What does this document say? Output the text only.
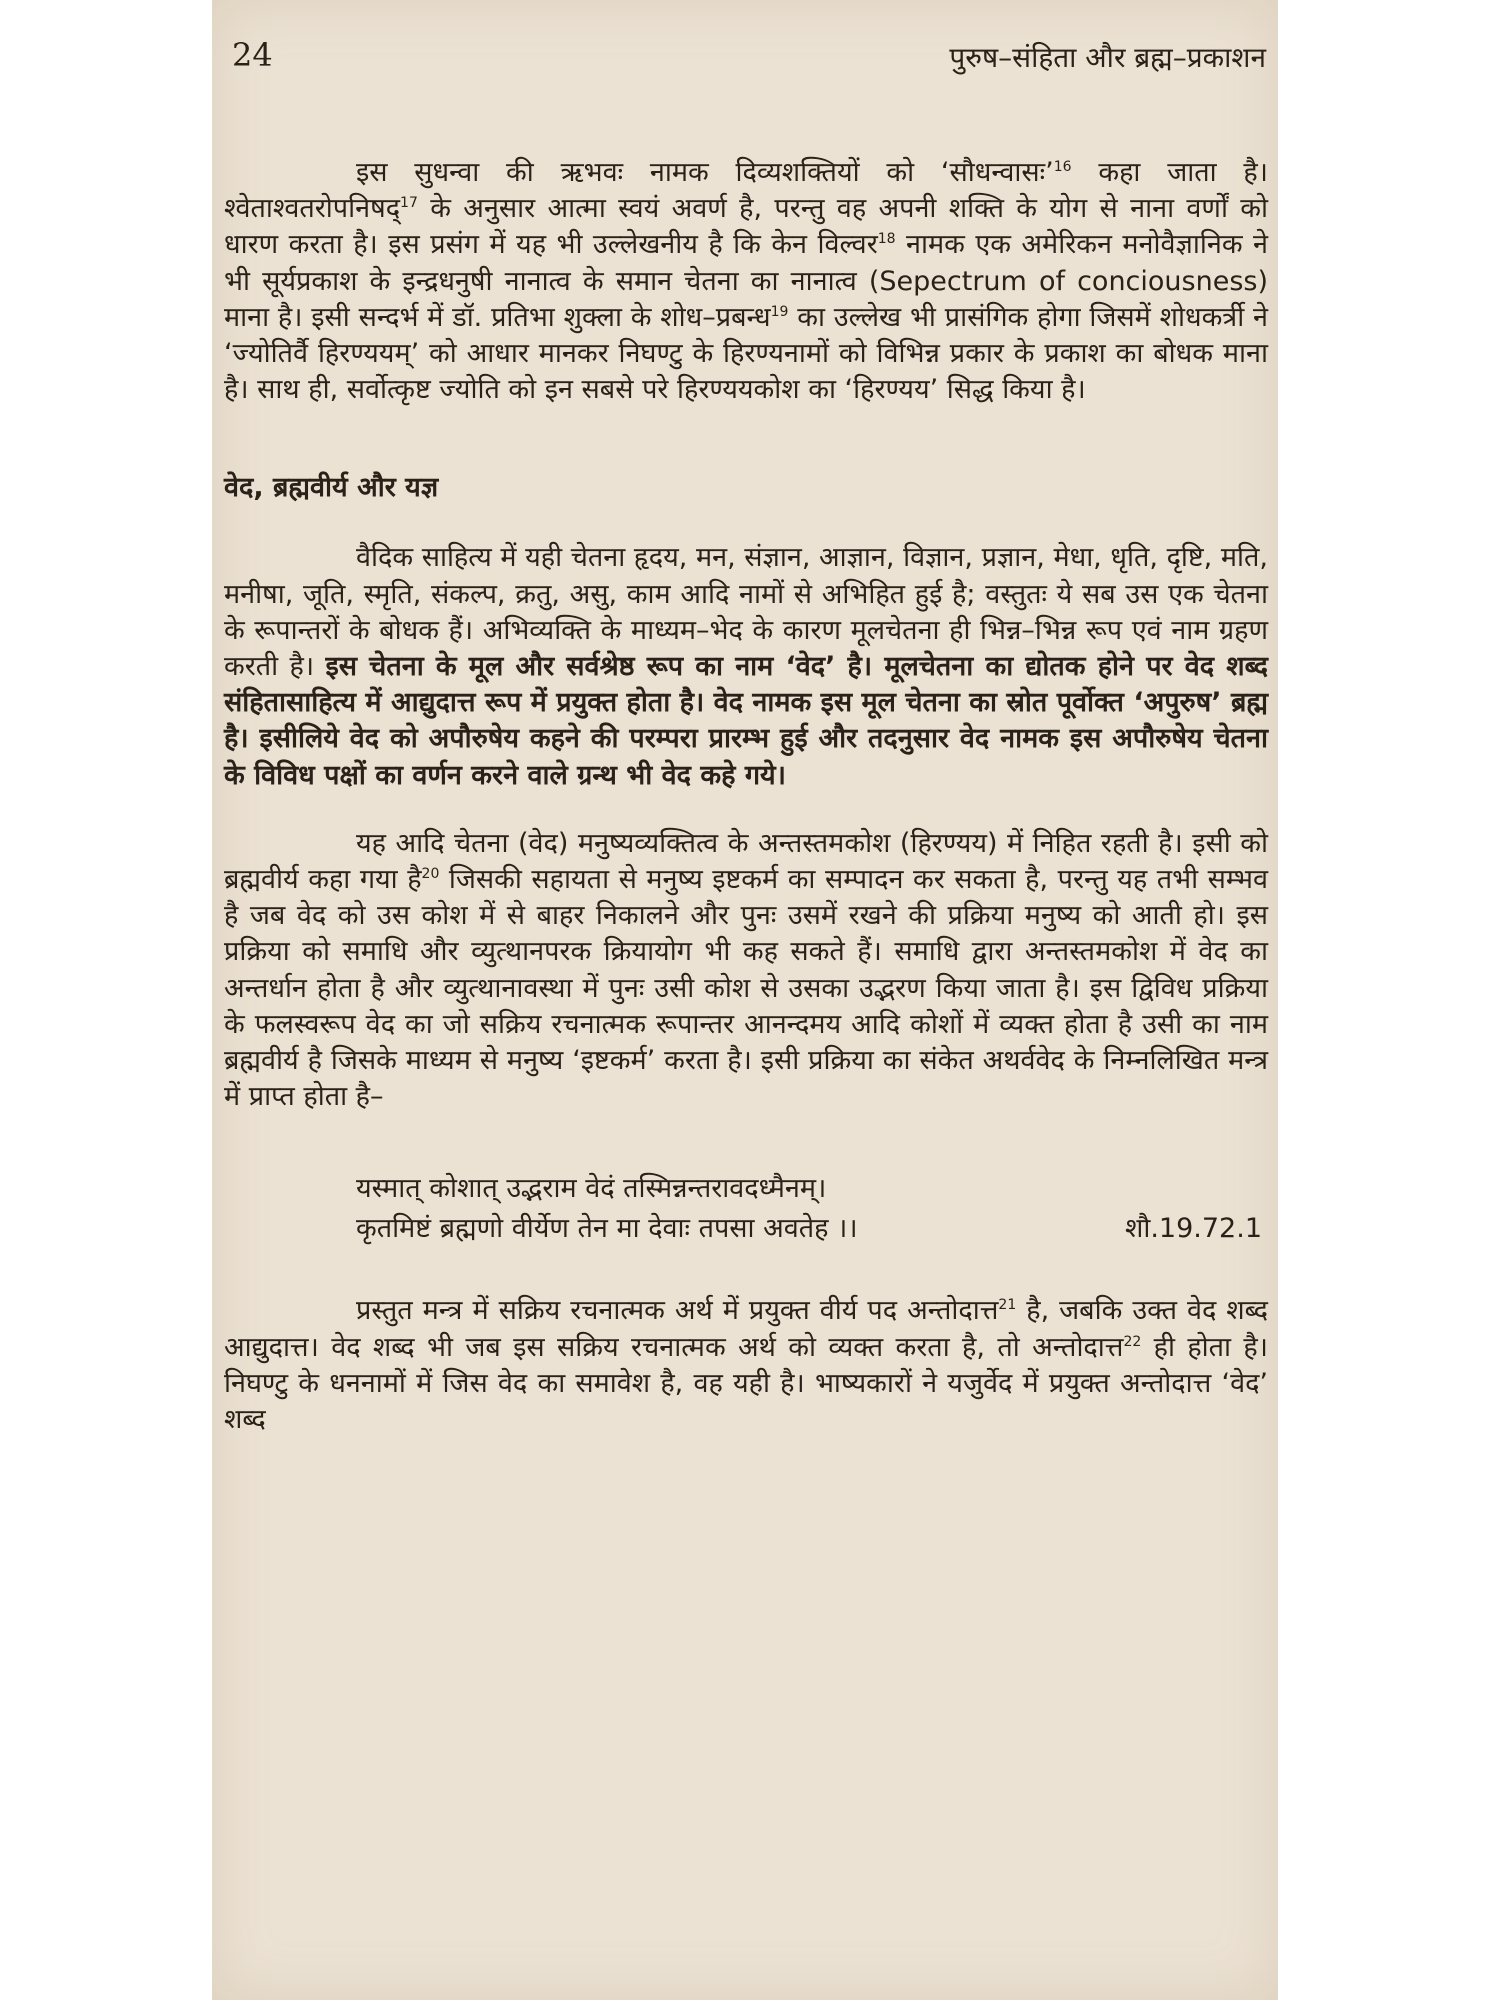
24	पुरुष–संहिता और ब्रह्म–प्रकाशन

इस सुधन्वा की ऋभवः नामक दिव्यशक्तियों को ‘सौधन्वासः’$^{16}$ कहा जाता है। श्वेताश्वतरोपनिषद्$^{17}$ के अनुसार आत्मा स्वयं अवर्ण है, परन्तु वह अपनी शक्ति के योग से नाना वर्णों को धारण करता है। इस प्रसंग में यह भी उल्लेखनीय है कि केन विल्वर$^{18}$ नामक एक अमेरिकन मनोवैज्ञानिक ने भी सूर्यप्रकाश के इन्द्रधनुषी नानात्व के समान चेतना का नानात्व (Sepectrum of conciousness) माना है। इसी सन्दर्भ में डॉ. प्रतिभा शुक्ला के शोध–प्रबन्ध$^{19}$ का उल्लेख भी प्रासंगिक होगा जिसमें शोधकर्त्री ने ‘ज्योतिर्वै हिरण्ययम्’ को आधार मानकर निघण्टु के हिरण्यनामों को विभिन्न प्रकार के प्रकाश का बोधक माना है। साथ ही, सर्वोत्कृष्ट ज्योति को इन सबसे परे हिरण्ययकोश का ‘हिरण्यय’ सिद्ध किया है।

वेद, ब्रह्मवीर्य और यज्ञ

वैदिक साहित्य में यही चेतना हृदय, मन, संज्ञान, आज्ञान, विज्ञान, प्रज्ञान, मेधा, धृति, दृष्टि, मति, मनीषा, जूति, स्मृति, संकल्प, क्रतु, असु, काम आदि नामों से अभिहित हुई है; वस्तुतः ये सब उस एक चेतना के रूपान्तरों के बोधक हैं। अभिव्यक्ति के माध्यम–भेद के कारण मूलचेतना ही भिन्न–भिन्न रूप एवं नाम ग्रहण करती है। इस चेतना के मूल और सर्वश्रेष्ठ रूप का नाम ‘वेद’ है। मूलचेतना का द्योतक होने पर वेद शब्द संहितासाहित्य में आद्युदात्त रूप में प्रयुक्त होता है। वेद नामक इस मूल चेतना का स्रोत पूर्वोक्त ‘अपुरुष’ ब्रह्म है। इसीलिये वेद को अपौरुषेय कहने की परम्परा प्रारम्भ हुई और तदनुसार वेद नामक इस अपौरुषेय चेतना के विविध पक्षों का वर्णन करने वाले ग्रन्थ भी वेद कहे गये।

यह आदि चेतना (वेद) मनुष्यव्यक्तित्व के अन्तस्तमकोश (हिरण्यय) में निहित रहती है। इसी को ब्रह्मवीर्य कहा गया है$^{20}$ जिसकी सहायता से मनुष्य इष्टकर्म का सम्पादन कर सकता है, परन्तु यह तभी सम्भव है जब वेद को उस कोश में से बाहर निकालने और पुनः उसमें रखने की प्रक्रिया मनुष्य को आती हो। इस प्रक्रिया को समाधि और व्युत्थानपरक क्रियायोग भी कह सकते हैं। समाधि द्वारा अन्तस्तमकोश में वेद का अन्तर्धान होता है और व्युत्थानावस्था में पुनः उसी कोश से उसका उद्भरण किया जाता है। इस द्विविध प्रक्रिया के फलस्वरूप वेद का जो सक्रिय रचनात्मक रूपान्तर आनन्दमय आदि कोशों में व्यक्त होता है उसी का नाम ब्रह्मवीर्य है जिसके माध्यम से मनुष्य ‘इष्टकर्म’ करता है। इसी प्रक्रिया का संकेत अथर्ववेद के निम्नलिखित मन्त्र में प्राप्त होता है–

यस्मात् कोशात् उद्भराम वेदं तस्मिन्नन्तरावदध्मैनम्।
कृतमिष्टं ब्रह्मणो वीर्येण तेन मा देवाः तपसा अवतेह ।।	शौ.19.72.1

प्रस्तुत मन्त्र में सक्रिय रचनात्मक अर्थ में प्रयुक्त वीर्य पद अन्तोदात्त$^{21}$ है, जबकि उक्त वेद शब्द आद्युदात्त। वेद शब्द भी जब इस सक्रिय रचनात्मक अर्थ को व्यक्त करता है, तो अन्तोदात्त$^{22}$ ही होता है। निघण्टु के धननामों में जिस वेद का समावेश है, वह यही है। भाष्यकारों ने यजुर्वेद में प्रयुक्त अन्तोदात्त ‘वेद’ शब्द
